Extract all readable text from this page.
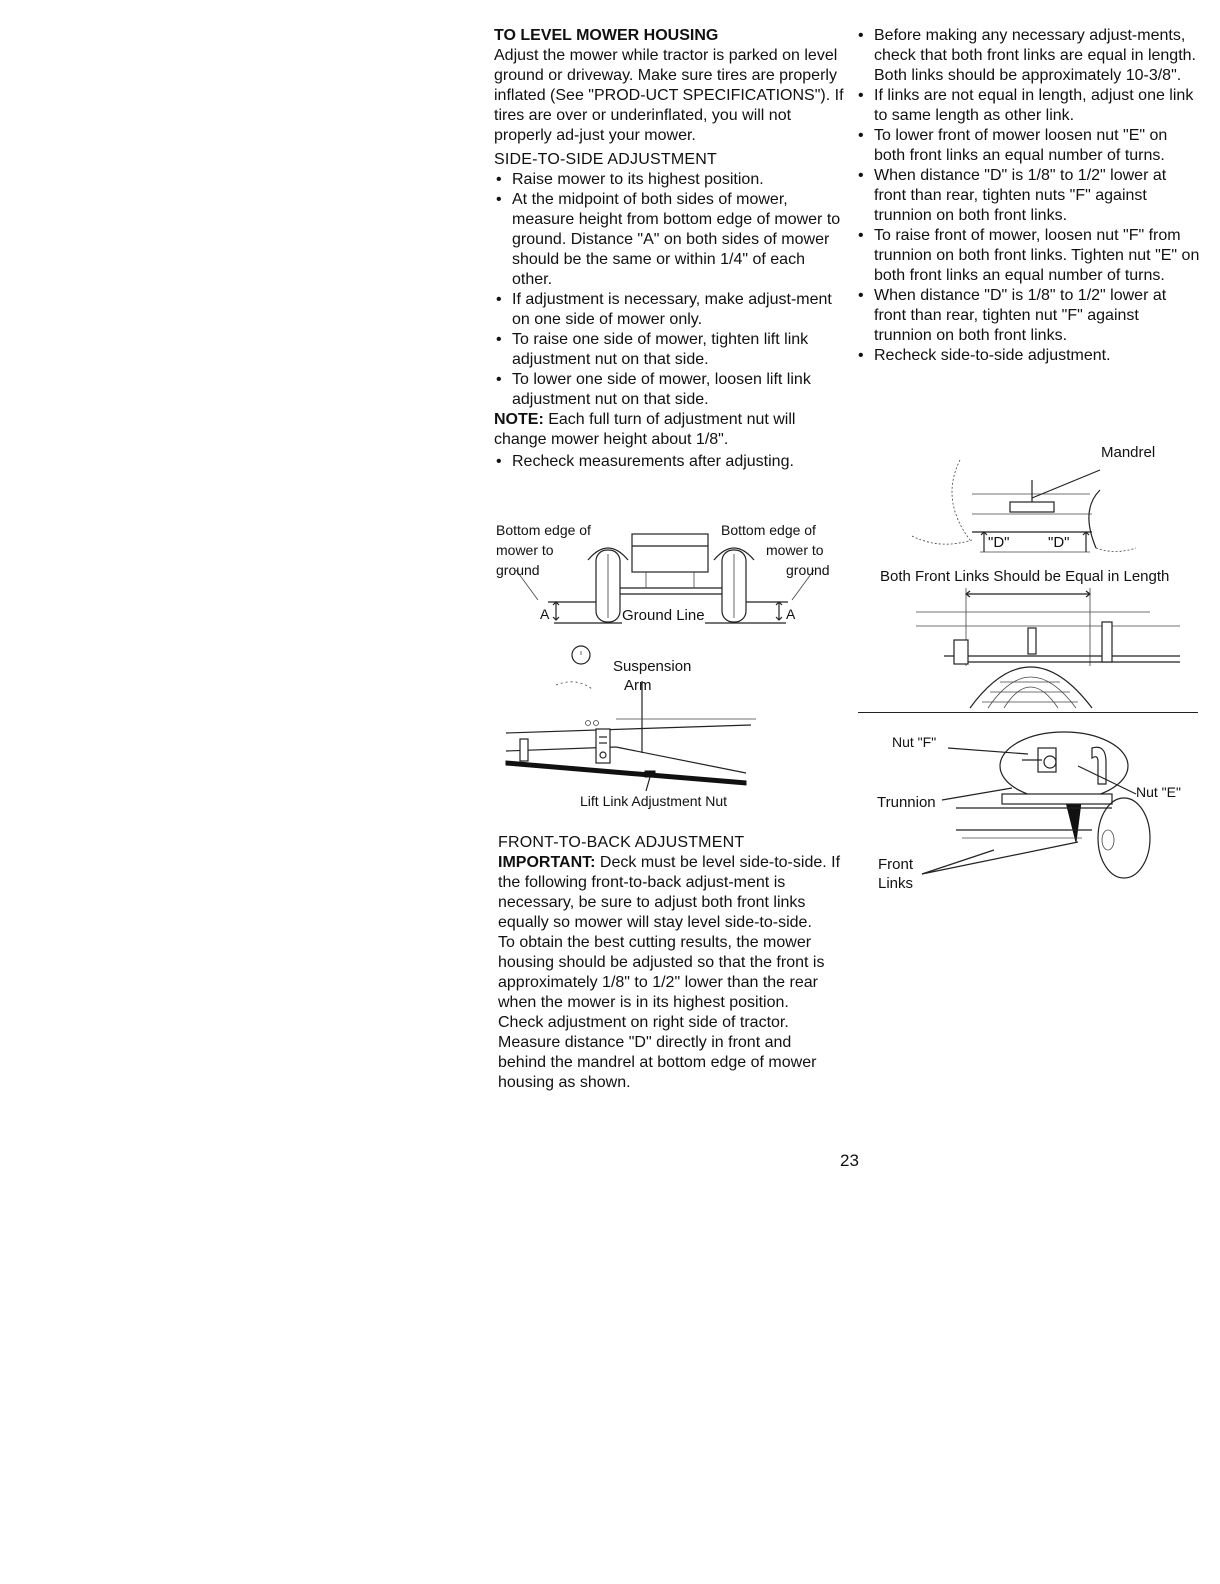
TO LEVEL MOWER HOUSING

Adjust the mower while tractor is parked on level ground or driveway. Make sure tires are properly inflated (See "PROD-UCT SPECIFICATIONS"). If tires are over or underinflated, you will not properly ad-just your mower.

SIDE-TO-SIDE ADJUSTMENT

• Raise mower to its highest position.
• At the midpoint of both sides of mower, measure height from bottom edge of mower to ground. Distance "A" on both sides of mower should be the same or within 1/4" of each other.
• If adjustment is necessary, make adjust-ment on one side of mower only.
• To raise one side of mower, tighten lift link adjustment nut on that side.
• To lower one side of mower, loosen lift link adjustment nut on that side.

NOTE: Each full turn of adjustment nut will change mower height about 1/8".

• Recheck measurements after adjusting.

FRONT-TO-BACK ADJUSTMENT

IMPORTANT: Deck must be level side-to-side. If the following front-to-back adjust-ment is necessary, be sure to adjust both front links equally so mower will stay level side-to-side.

To obtain the best cutting results, the mower housing should be adjusted so that the front is approximately 1/8" to 1/2" lower than the rear when the mower is in its highest position.

Check adjustment on right side of tractor. Measure distance "D" directly in front and behind the mandrel at bottom edge of mower housing as shown.

• Before making any necessary adjust-ments, check that both front links are equal in length. Both links should be approximately 10-3/8".
• If links are not equal in length, adjust one link to same length as other link.
• To lower front of mower loosen nut "E" on both front links an equal number of turns.
• When distance "D" is 1/8" to 1/2" lower at front than rear, tighten nuts "F" against trunnion on both front links.
• To raise front of mower, loosen nut "F" from trunnion on both front links. Tighten nut "E" on both front links an equal number of turns.
• When distance "D" is 1/8" to 1/2" lower at front than rear, tighten nut "F" against trunnion on both front links.
• Recheck side-to-side adjustment.
Bottom edge of
mower to
ground
Bottom edge of
mower to
ground
Ground Line
A	A
Suspension
Arm
Lift Link Adjustment Nut
Mandrel
"D"	"D"
Both Front Links Should be Equal in Length
Nut "F"
Nut "E"
Trunnion
Front
Links
23
